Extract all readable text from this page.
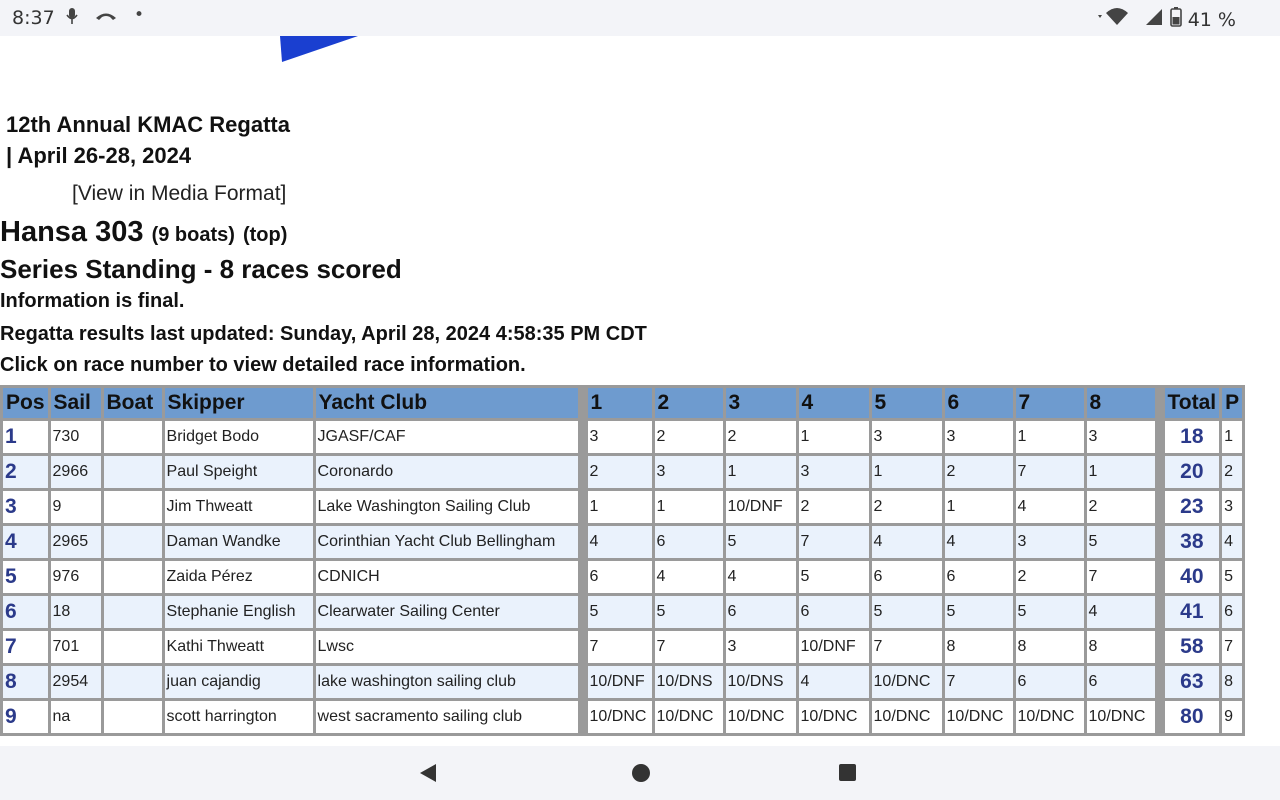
8:37	•	41 %
12th Annual KMAC Regatta
| April 26-28, 2024
[View in Media Format]
Hansa 303 (9 boats) (top)
Series Standing - 8 races scored
Information is final.
Regatta results last updated: Sunday, April 28, 2024 4:58:35 PM CDT
Click on race number to view detailed race information.
Pos	Sail	Boat	Skipper	Yacht Club		1	2	3	4	5	6	7	8		Total	P
1	730		Bridget Bodo	JGASF/CAF		3	2	2	1	3	3	1	3		18	1
2	2966		Paul Speight	Coronardo		2	3	1	3	1	2	7	1		20	2
3	9		Jim Thweatt	Lake Washington Sailing Club		1	1	10/DNF	2	2	1	4	2		23	3
4	2965		Daman Wandke	Corinthian Yacht Club Bellingham		4	6	5	7	4	4	3	5		38	4
5	976		Zaida Pérez	CDNICH		6	4	4	5	6	6	2	7		40	5
6	18		Stephanie English	Clearwater Sailing Center		5	5	6	6	5	5	5	4		41	6
7	701		Kathi Thweatt	Lwsc		7	7	3	10/DNF	7	8	8	8		58	7
8	2954		juan cajandig	lake washington sailing club		10/DNF	10/DNS	10/DNS	4	10/DNC	7	6	6		63	8
9	na		scott harrington	west sacramento sailing club		10/DNC	10/DNC	10/DNC	10/DNC	10/DNC	10/DNC	10/DNC	10/DNC		80	9
